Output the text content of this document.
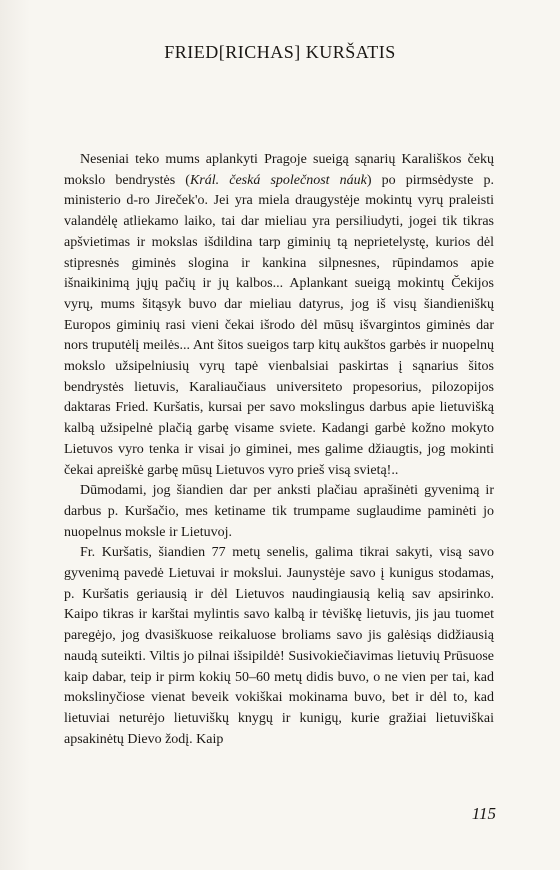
FRIED[RICHAS] KURŠATIS

Neseniai teko mums aplankyti Pragoje sueigą sąnarių Karališkos čekų mokslo bendrystės (Král. česká společnost náuk) po pirmsėdyste p. ministerio d-ro Jireček'o. Jei yra miela draugystėje mokintų vyrų praleisti valandėlę atliekamo laiko, tai dar mieliau yra persiliudyti, jogei tik tikras apšvietimas ir mokslas išdildina tarp giminių tą neprietelystę, kurios dėl stipresnės giminės slogina ir kankina silpnesnes, rūpindamos apie išnaikinimą jųjų pačių ir jų kalbos... Aplankant sueigą mokintų Čekijos vyrų, mums šitąsyk buvo dar mieliau datyrus, jog iš visų šiandieniškų Europos giminių rasi vieni čekai išrodo dėl mūsų išvargintos giminės dar nors truputėlį meilės... Ant šitos sueigos tarp kitų aukštos garbės ir nuopelnų mokslo užsipelniusių vyrų tapė vienbalsiai paskirtas į sąnarius šitos bendrystės lietuvis, Karaliaučiaus universiteto propesorius, pilozopijos daktaras Fried. Kuršatis, kursai per savo mokslingus darbus apie lietuvišką kalbą užsipelnė plačią garbę visame sviete. Kadangi garbė kožno mokyto Lietuvos vyro tenka ir visai jo giminei, mes galime džiaugtis, jog mokinti čekai apreiškė garbę mūsų Lietuvos vyro prieš visą svietą!..

Dūmodami, jog šiandien dar per anksti plačiau aprašinėti gyvenimą ir darbus p. Kuršačio, mes ketiname tik trumpame suglaudime paminėti jo nuopelnus moksle ir Lietuvoj.

Fr. Kuršatis, šiandien 77 metų senelis, galima tikrai sakyti, visą savo gyvenimą pavedė Lietuvai ir mokslui. Jaunystėje savo į kunigus stodamas, p. Kuršatis geriausią ir dėl Lietuvos naudingiausią kelią sav apsirinko. Kaipo tikras ir karštai mylintis savo kalbą ir tėviškę lietuvis, jis jau tuomet paregėjo, jog dvasiškuose reikaluose broliams savo jis galėsiąs didžiausią naudą suteikti. Viltis jo pilnai išsipildė! Susivokiečiavimas lietuvių Prūsuose kaip dabar, teip ir pirm kokių 50–60 metų didis buvo, o ne vien per tai, kad mokslinyčiose vienat beveik vokiškai mokinama buvo, bet ir dėl to, kad lietuviai neturėjo lietuviškų knygų ir kunigų, kurie gražiai lietuviškai apsakinėtų Dievo žodį. Kaip

115
